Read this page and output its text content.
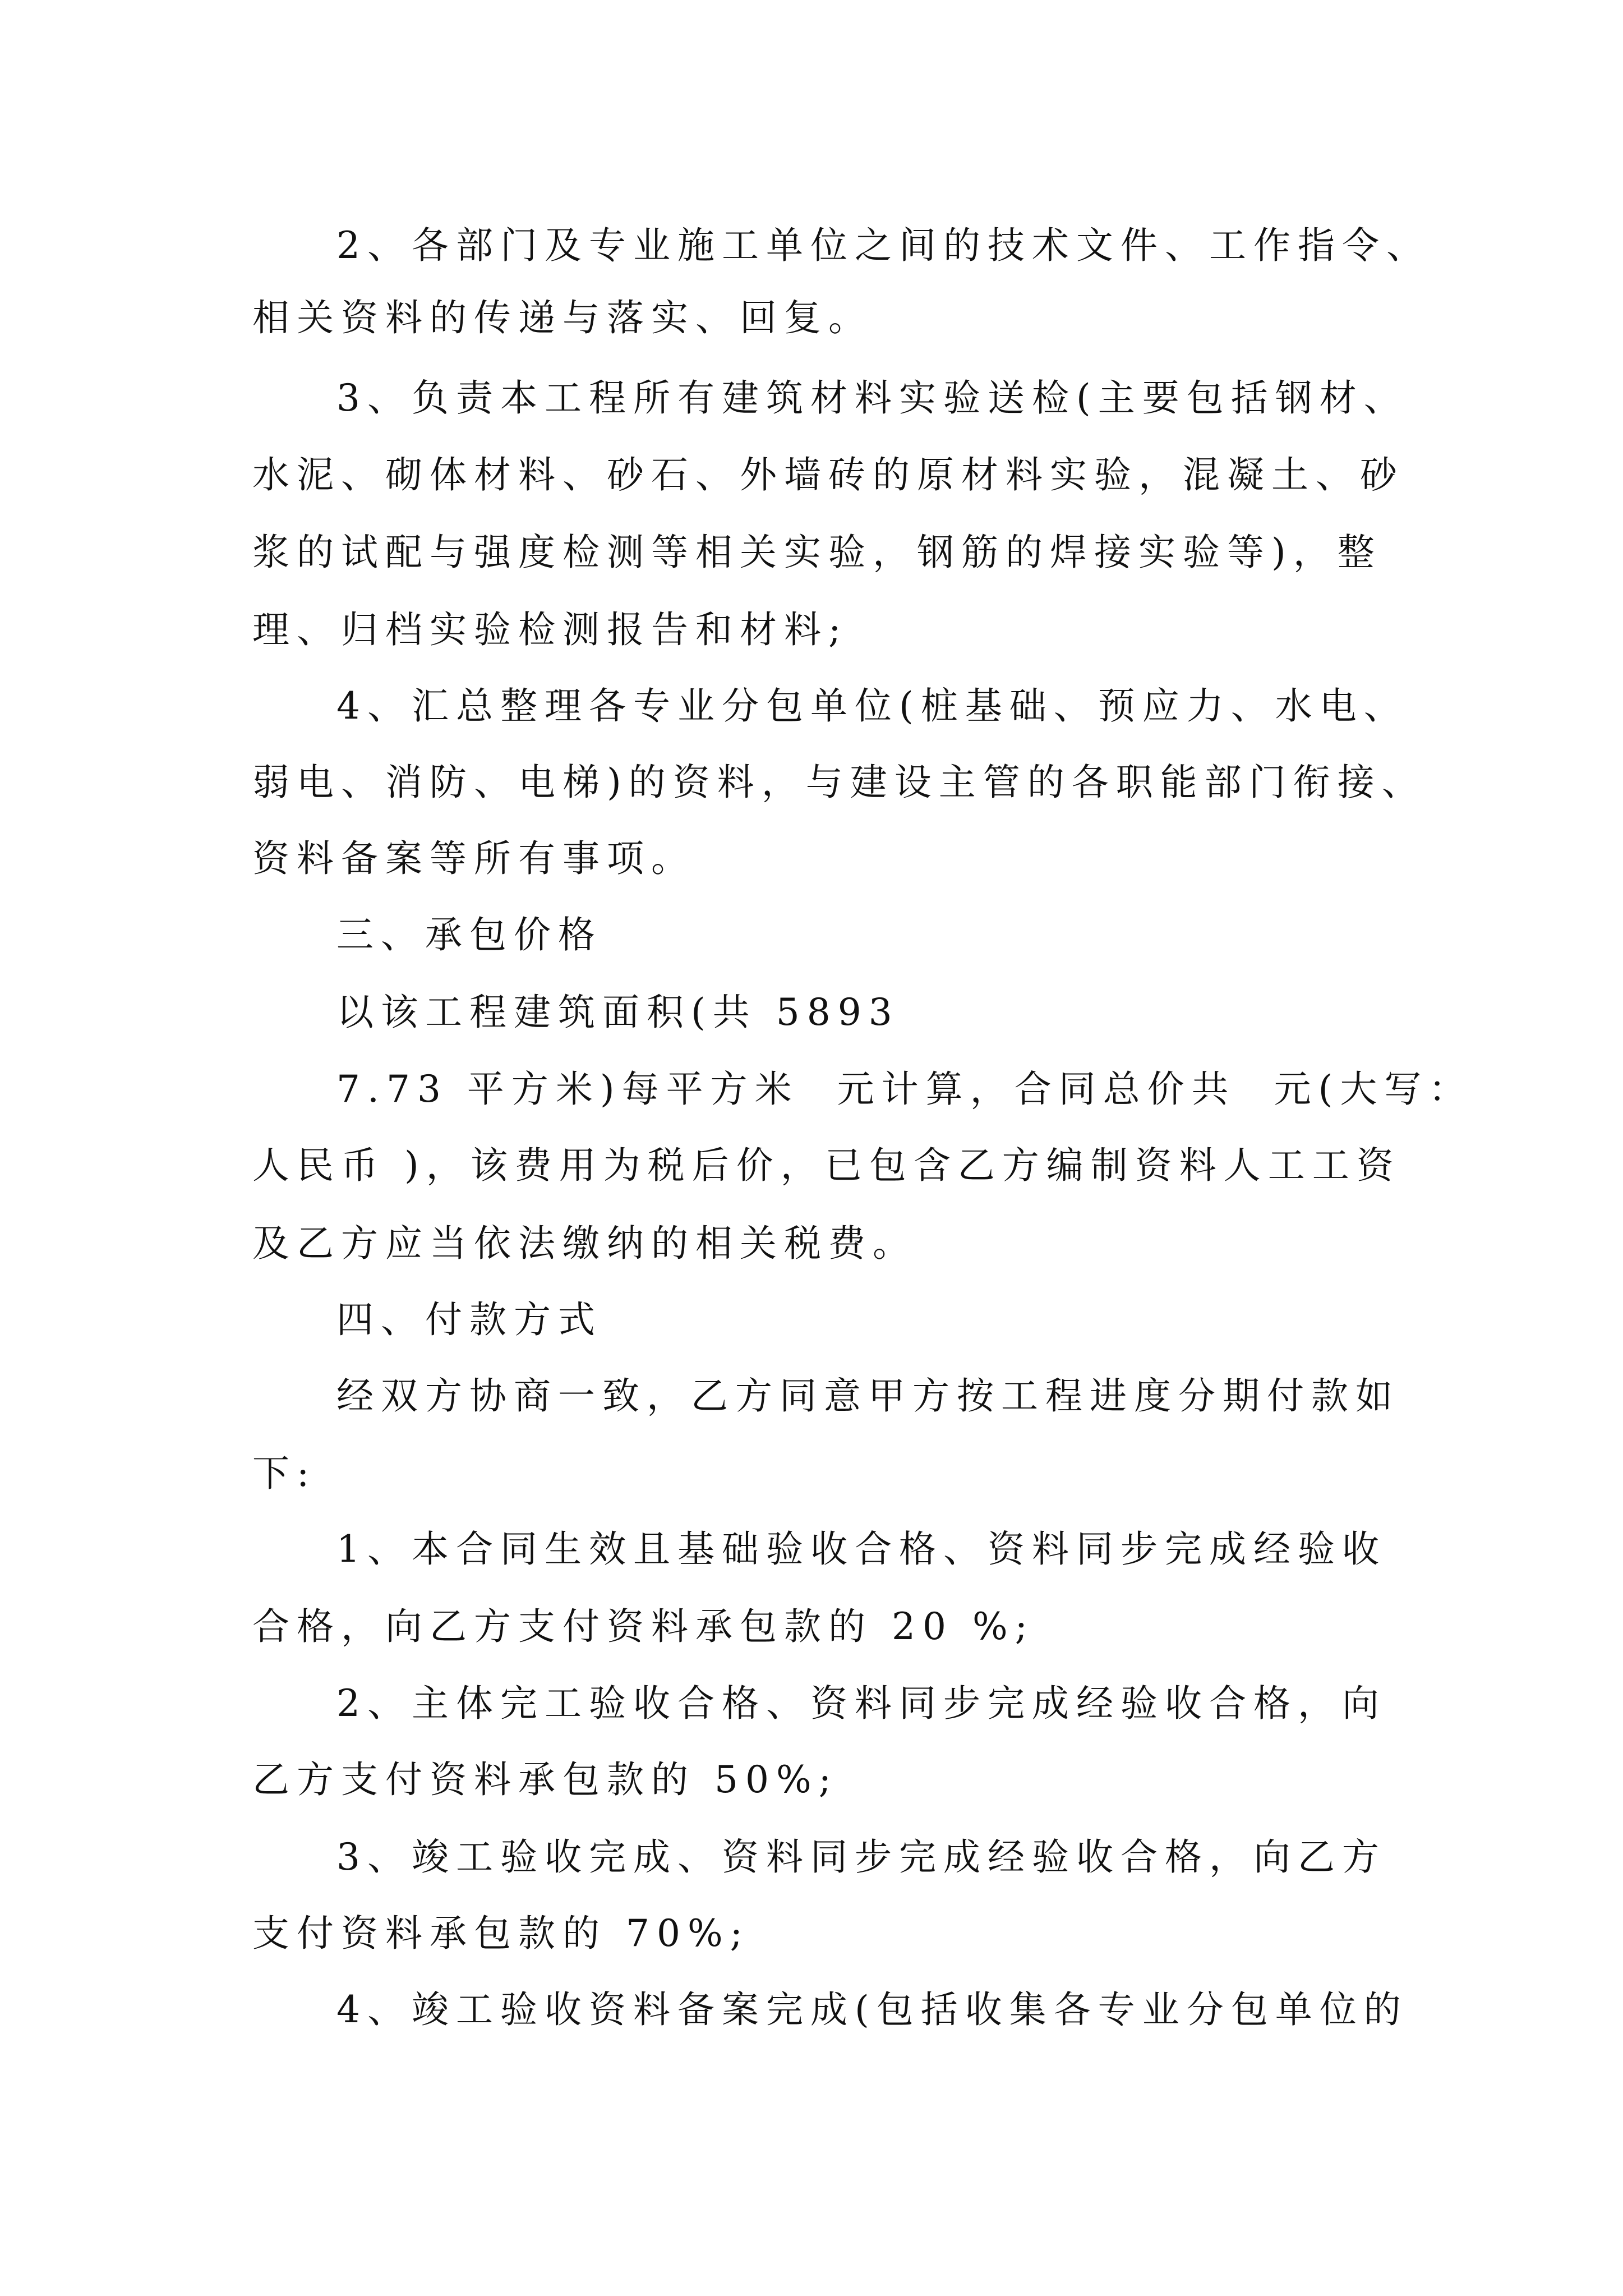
2、各部门及专业施工单位之间的技术文件、工作指令、
相关资料的传递与落实、回复。
3、负责本工程所有建筑材料实验送检(主要包括钢材、
水泥、砌体材料、砂石、外墙砖的原材料实验，混凝土、砂
浆的试配与强度检测等相关实验，钢筋的焊接实验等)，整
理、归档实验检测报告和材料;
4、汇总整理各专业分包单位(桩基础、预应力、水电、
弱电、消防、电梯)的资料，与建设主管的各职能部门衔接、
资料备案等所有事项。
三、承包价格
以该工程建筑面积(共 5893
7.73 平方米)每平方米  元计算，合同总价共  元(大写：
人民币 )，该费用为税后价，已包含乙方编制资料人工工资
及乙方应当依法缴纳的相关税费。
四、付款方式
经双方协商一致，乙方同意甲方按工程进度分期付款如
下:
1、本合同生效且基础验收合格、资料同步完成经验收
合格，向乙方支付资料承包款的 20 %;
2、主体完工验收合格、资料同步完成经验收合格，向
乙方支付资料承包款的 50%;
3、竣工验收完成、资料同步完成经验收合格，向乙方
支付资料承包款的 70%;
4、竣工验收资料备案完成(包括收集各专业分包单位的
